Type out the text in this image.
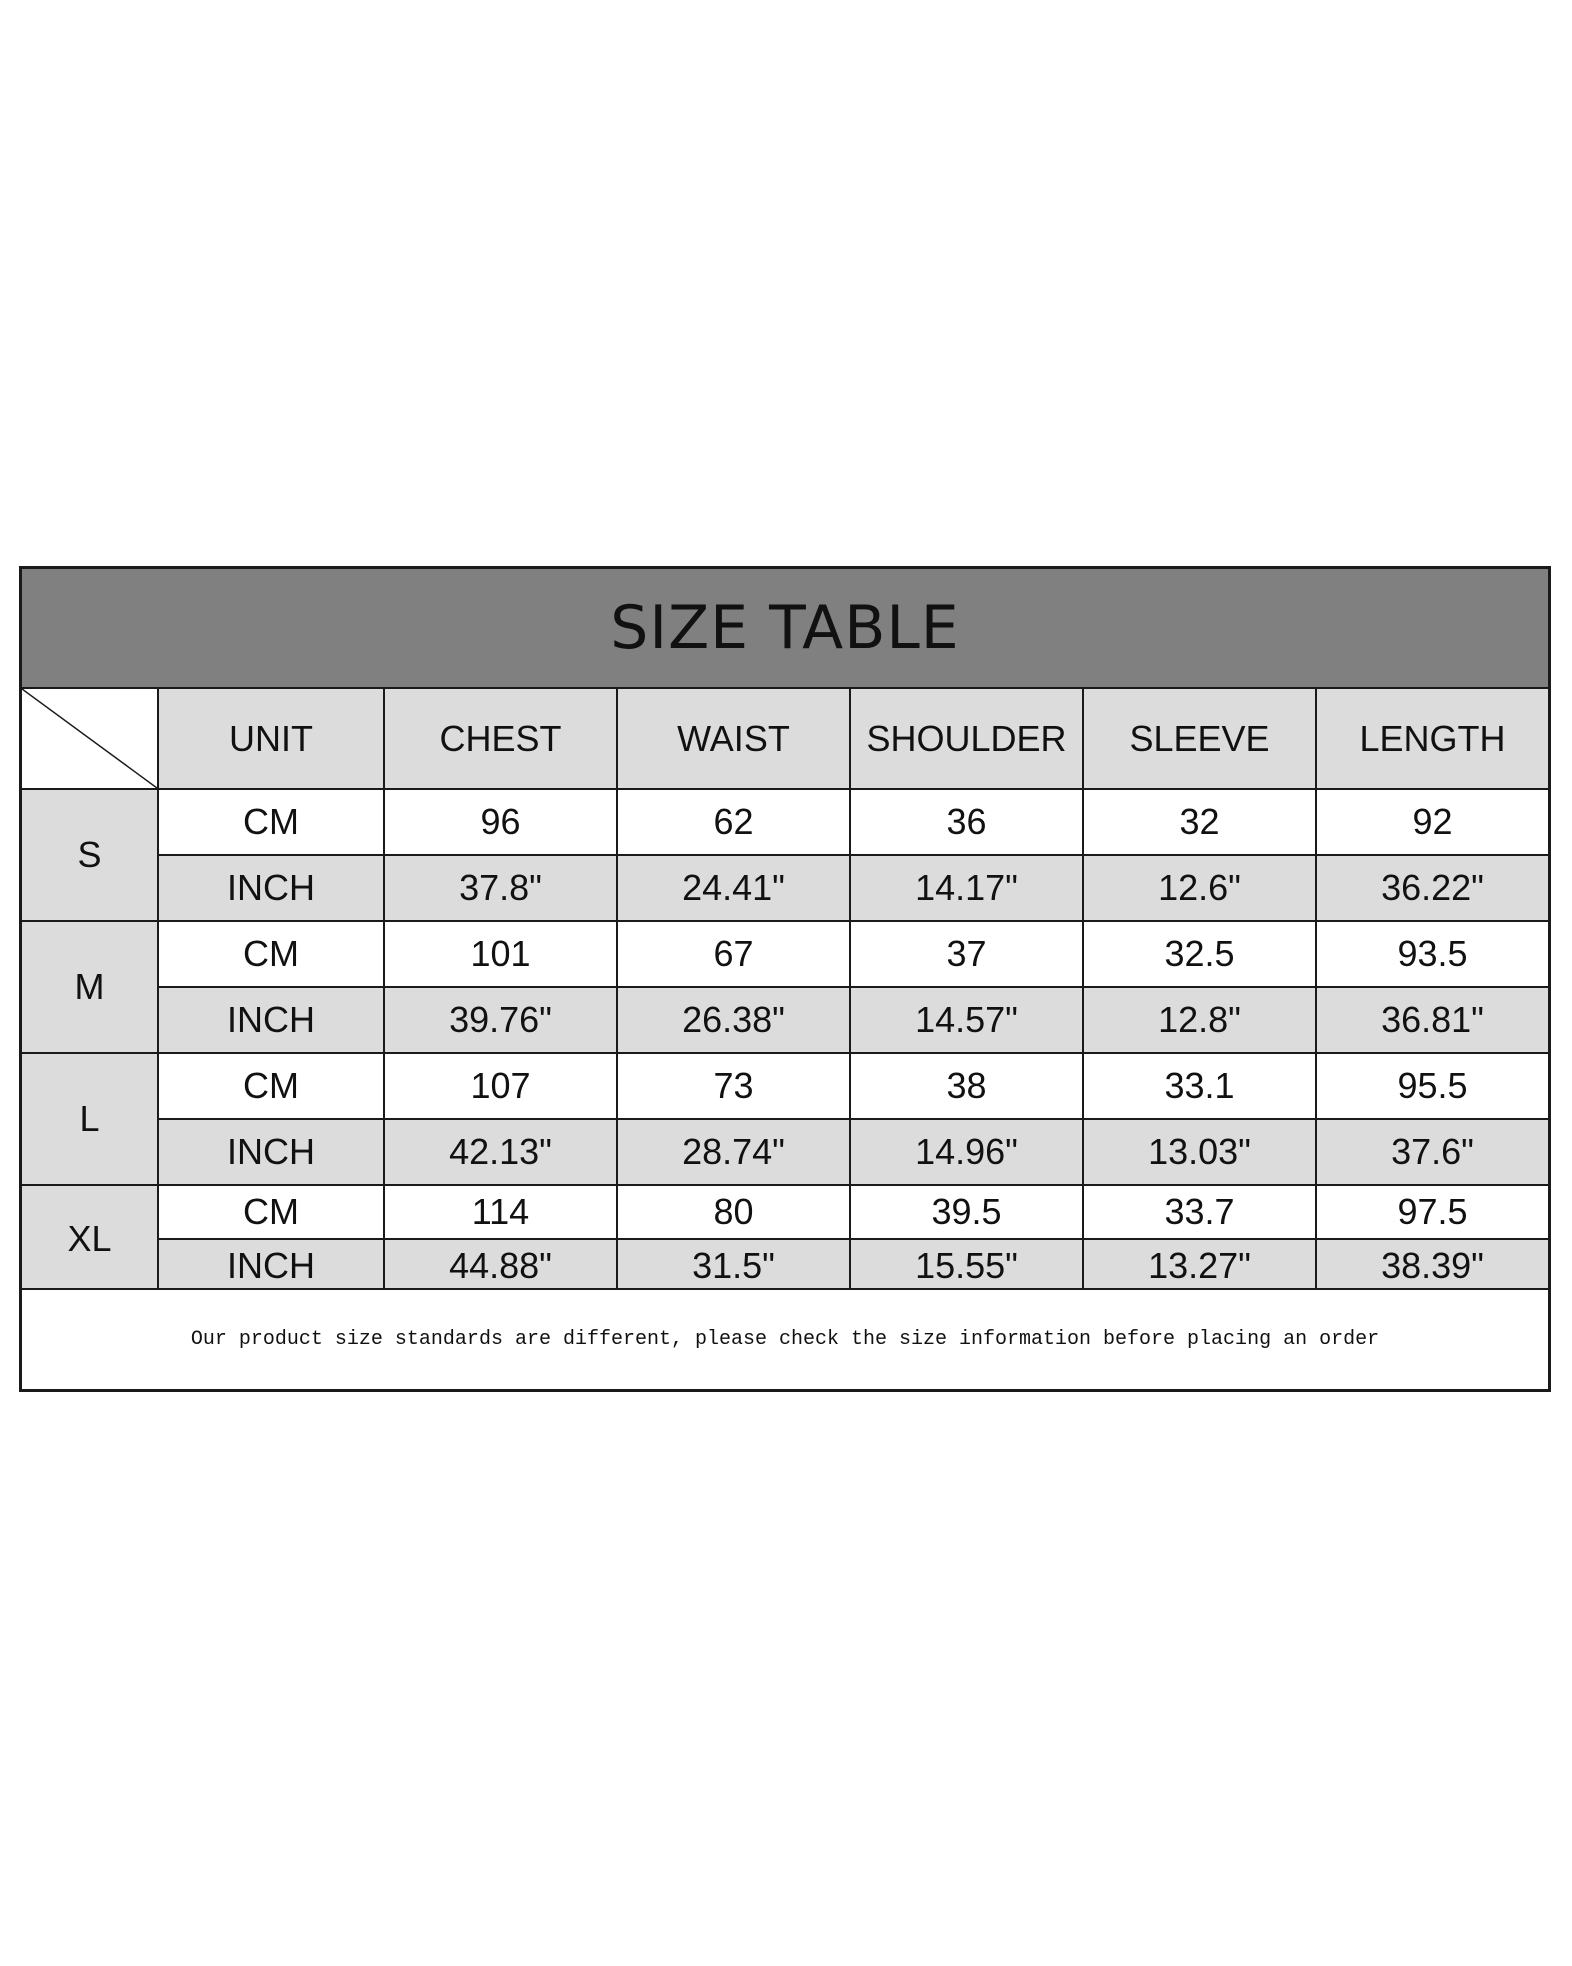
SIZE TABLE
	UNIT	CHEST	WAIST	SHOULDER	SLEEVE	LENGTH
S	CM	96	62	36	32	92
	INCH	37.8"	24.41"	14.17"	12.6"	36.22"
M	CM	101	67	37	32.5	93.5
	INCH	39.76"	26.38"	14.57"	12.8"	36.81"
L	CM	107	73	38	33.1	95.5
	INCH	42.13"	28.74"	14.96"	13.03"	37.6"
XL	CM	114	80	39.5	33.7	97.5
	INCH	44.88"	31.5"	15.55"	13.27"	38.39"
Our product size standards are different, please check the size information before placing an order
